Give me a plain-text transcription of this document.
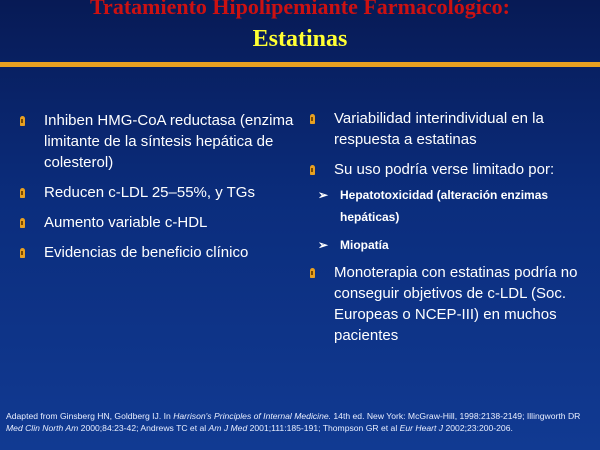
Tratamiento Hipolipemiante Farmacológico:
Estatinas
Inhiben HMG-CoA reductasa (enzima limitante de la síntesis hepática de colesterol)
Reducen c-LDL 25–55%, y TGs
Aumento variable c-HDL
Evidencias de beneficio clínico
Variabilidad interindividual en la respuesta a estatinas
Su uso podría verse limitado por:
➢ Hepatotoxicidad (alteración enzimas hepáticas)
➢ Miopatía
Monoterapia con estatinas podría no conseguir objetivos de c-LDL (Soc. Europeas o NCEP-III) en muchos pacientes
Adapted from Ginsberg HN, Goldberg IJ. In Harrison's Principles of Internal Medicine. 14th ed. New York: McGraw-Hill, 1998:2138-2149; Illingworth DR Med Clin North Am 2000;84:23-42; Andrews TC et al Am J Med 2001;111:185-191; Thompson GR et al Eur Heart J 2002;23:200-206.
